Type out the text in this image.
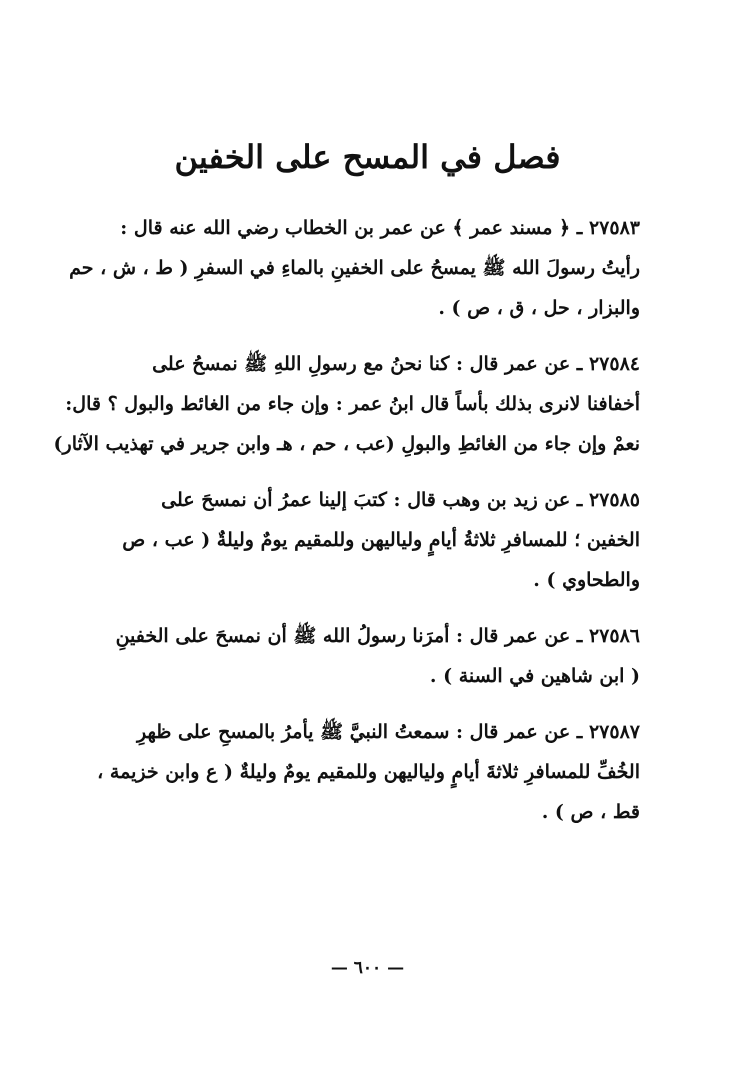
فصل في المسح على الخفين
٢٧٥٨٣ ـ ﴿ مسند عمر ﴾ عن عمر بن الخطاب رضي الله عنه قال :
رأيتُ رسولَ الله ﷺ يمسحُ على الخفينِ بالماءِ في السفرِ ( ط ، ش ، حم
والبزار ، حل ، ق ، ص ) .
٢٧٥٨٤ ـ عن عمر قال : كنا نحنُ مع رسولِ اللهِ ﷺ نمسحُ على
أخفافنا لانرى بذلك بأساً قال ابنُ عمر : وإن جاء من الغائط والبول ؟ قال:
نعمْ وإن جاء من الغائطِ والبولِ (عب ، حم ، هـ وابن جرير في تهذيب الآثار)
٢٧٥٨٥ ـ عن زيد بن وهب قال : كتبَ إلينا عمرُ أن نمسحَ على
الخفين ؛ للمسافرِ ثلاثةُ أيامٍ ولياليهن وللمقيم يومٌ وليلةٌ ( عب ، ص
والطحاوي ) .
٢٧٥٨٦ ـ عن عمر قال : أمرَنا رسولُ الله ﷺ أن نمسحَ على الخفينِ
( ابن شاهين في السنة ) .
٢٧٥٨٧ ـ عن عمر قال : سمعتُ النبيَّ ﷺ يأمرُ بالمسحِ على ظهرِ
الخُفِّ للمسافرِ ثلاثةَ أيامٍ ولياليهن وللمقيم يومٌ وليلةٌ ( ع وابن خزيمة ،
قط ، ص ) .
— ٦٠٠ —
